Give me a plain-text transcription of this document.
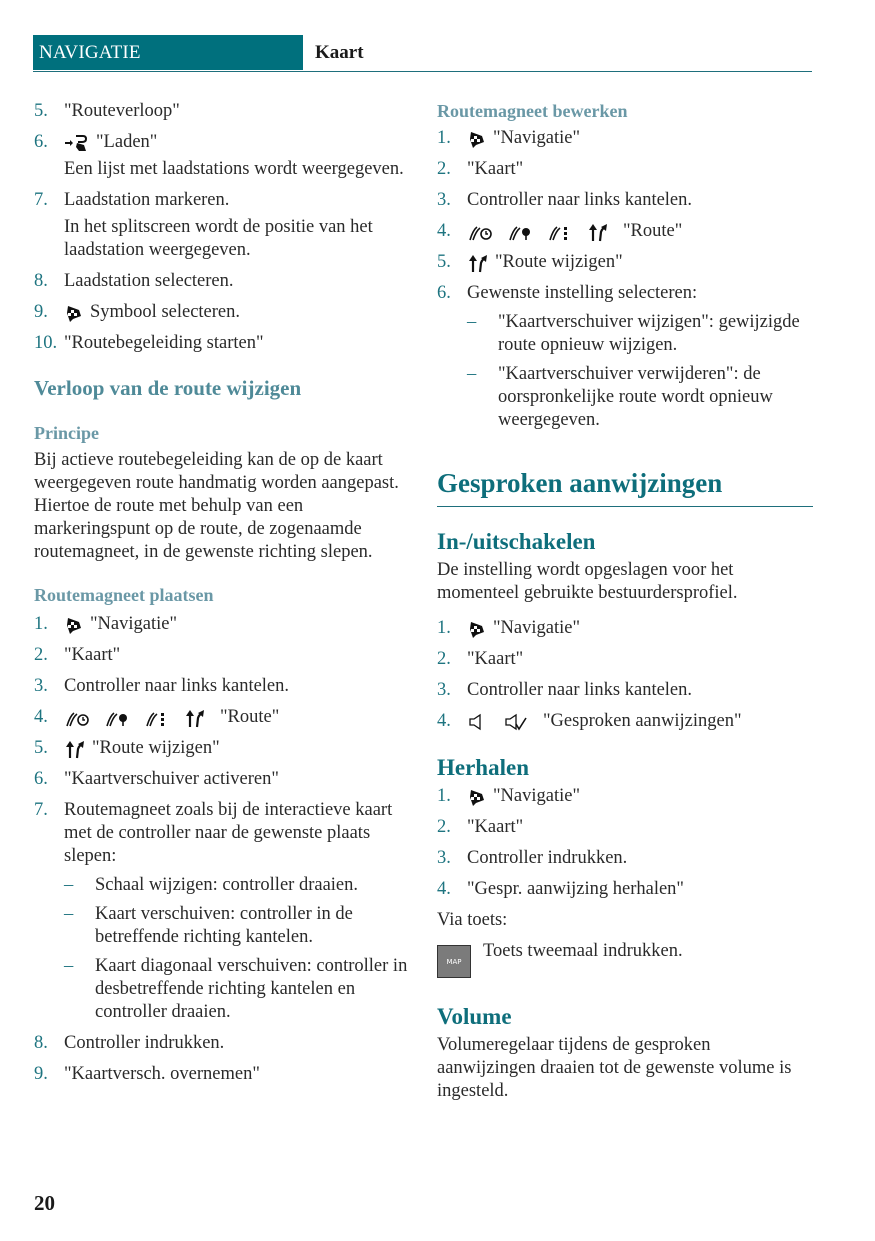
NAVIGATIE	Kaart
5. "Routeverloop"
6.	"Laden"

Een lijst met laadstations wordt weergegeven.

7. Laadstation markeren.

In het splitscreen wordt de positie van het laadstation weergegeven.

8. Laadstation selecteren.
9. Symbool selecteren.
10. "Routebegeleiding starten"
Verloop van de route wijzigen
Principe

Bij actieve routebegeleiding kan de op de kaart weergegeven route handmatig worden aangepast. Hiertoe de route met behulp van een markeringspunt op de route, de zogenaamde routemagneet, in de gewenste richting slepen.

Routemagneet plaatsen
1. "Navigatie"
2. "Kaart"
3. Controller naar links kantelen.
4.	"Route"
5. "Route wijzigen"
6. "Kaartverschuiver activeren"
7. Routemagneet zoals bij de interactieve kaart met de controller naar de gewenste plaats slepen:
– Schaal wijzigen: controller draaien.
– Kaart verschuiven: controller in de betreffende richting kantelen.
– Kaart diagonaal verschuiven: controller in desbetreffende richting kantelen en controller draaien.
8. Controller indrukken.
9. "Kaartversch. overnemen"
Routemagneet bewerken
1. "Navigatie"
2. "Kaart"
3. Controller naar links kantelen.
4.	"Route"
5. "Route wijzigen"
6. Gewenste instelling selecteren:
– "Kaartverschuiver wijzigen": gewijzigde route opnieuw wijzigen.
– "Kaartverschuiver verwijderen": de oorspronkelijke route wordt opnieuw weergegeven.
Gesproken aanwijzingen
In-/uitschakelen

De instelling wordt opgeslagen voor het momenteel gebruikte bestuurdersprofiel.

1. "Navigatie"
2. "Kaart"
3. Controller naar links kantelen.
4.	"Gesproken aanwijzingen"
Herhalen
1. "Navigatie"
2. "Kaart"
3. Controller indrukken.
4. "Gespr. aanwijzing herhalen"

Via toets:

MAP
Toets tweemaal indrukken.
Volume

Volumeregelaar tijdens de gesproken aanwijzingen draaien tot de gewenste volume is ingesteld.

20
